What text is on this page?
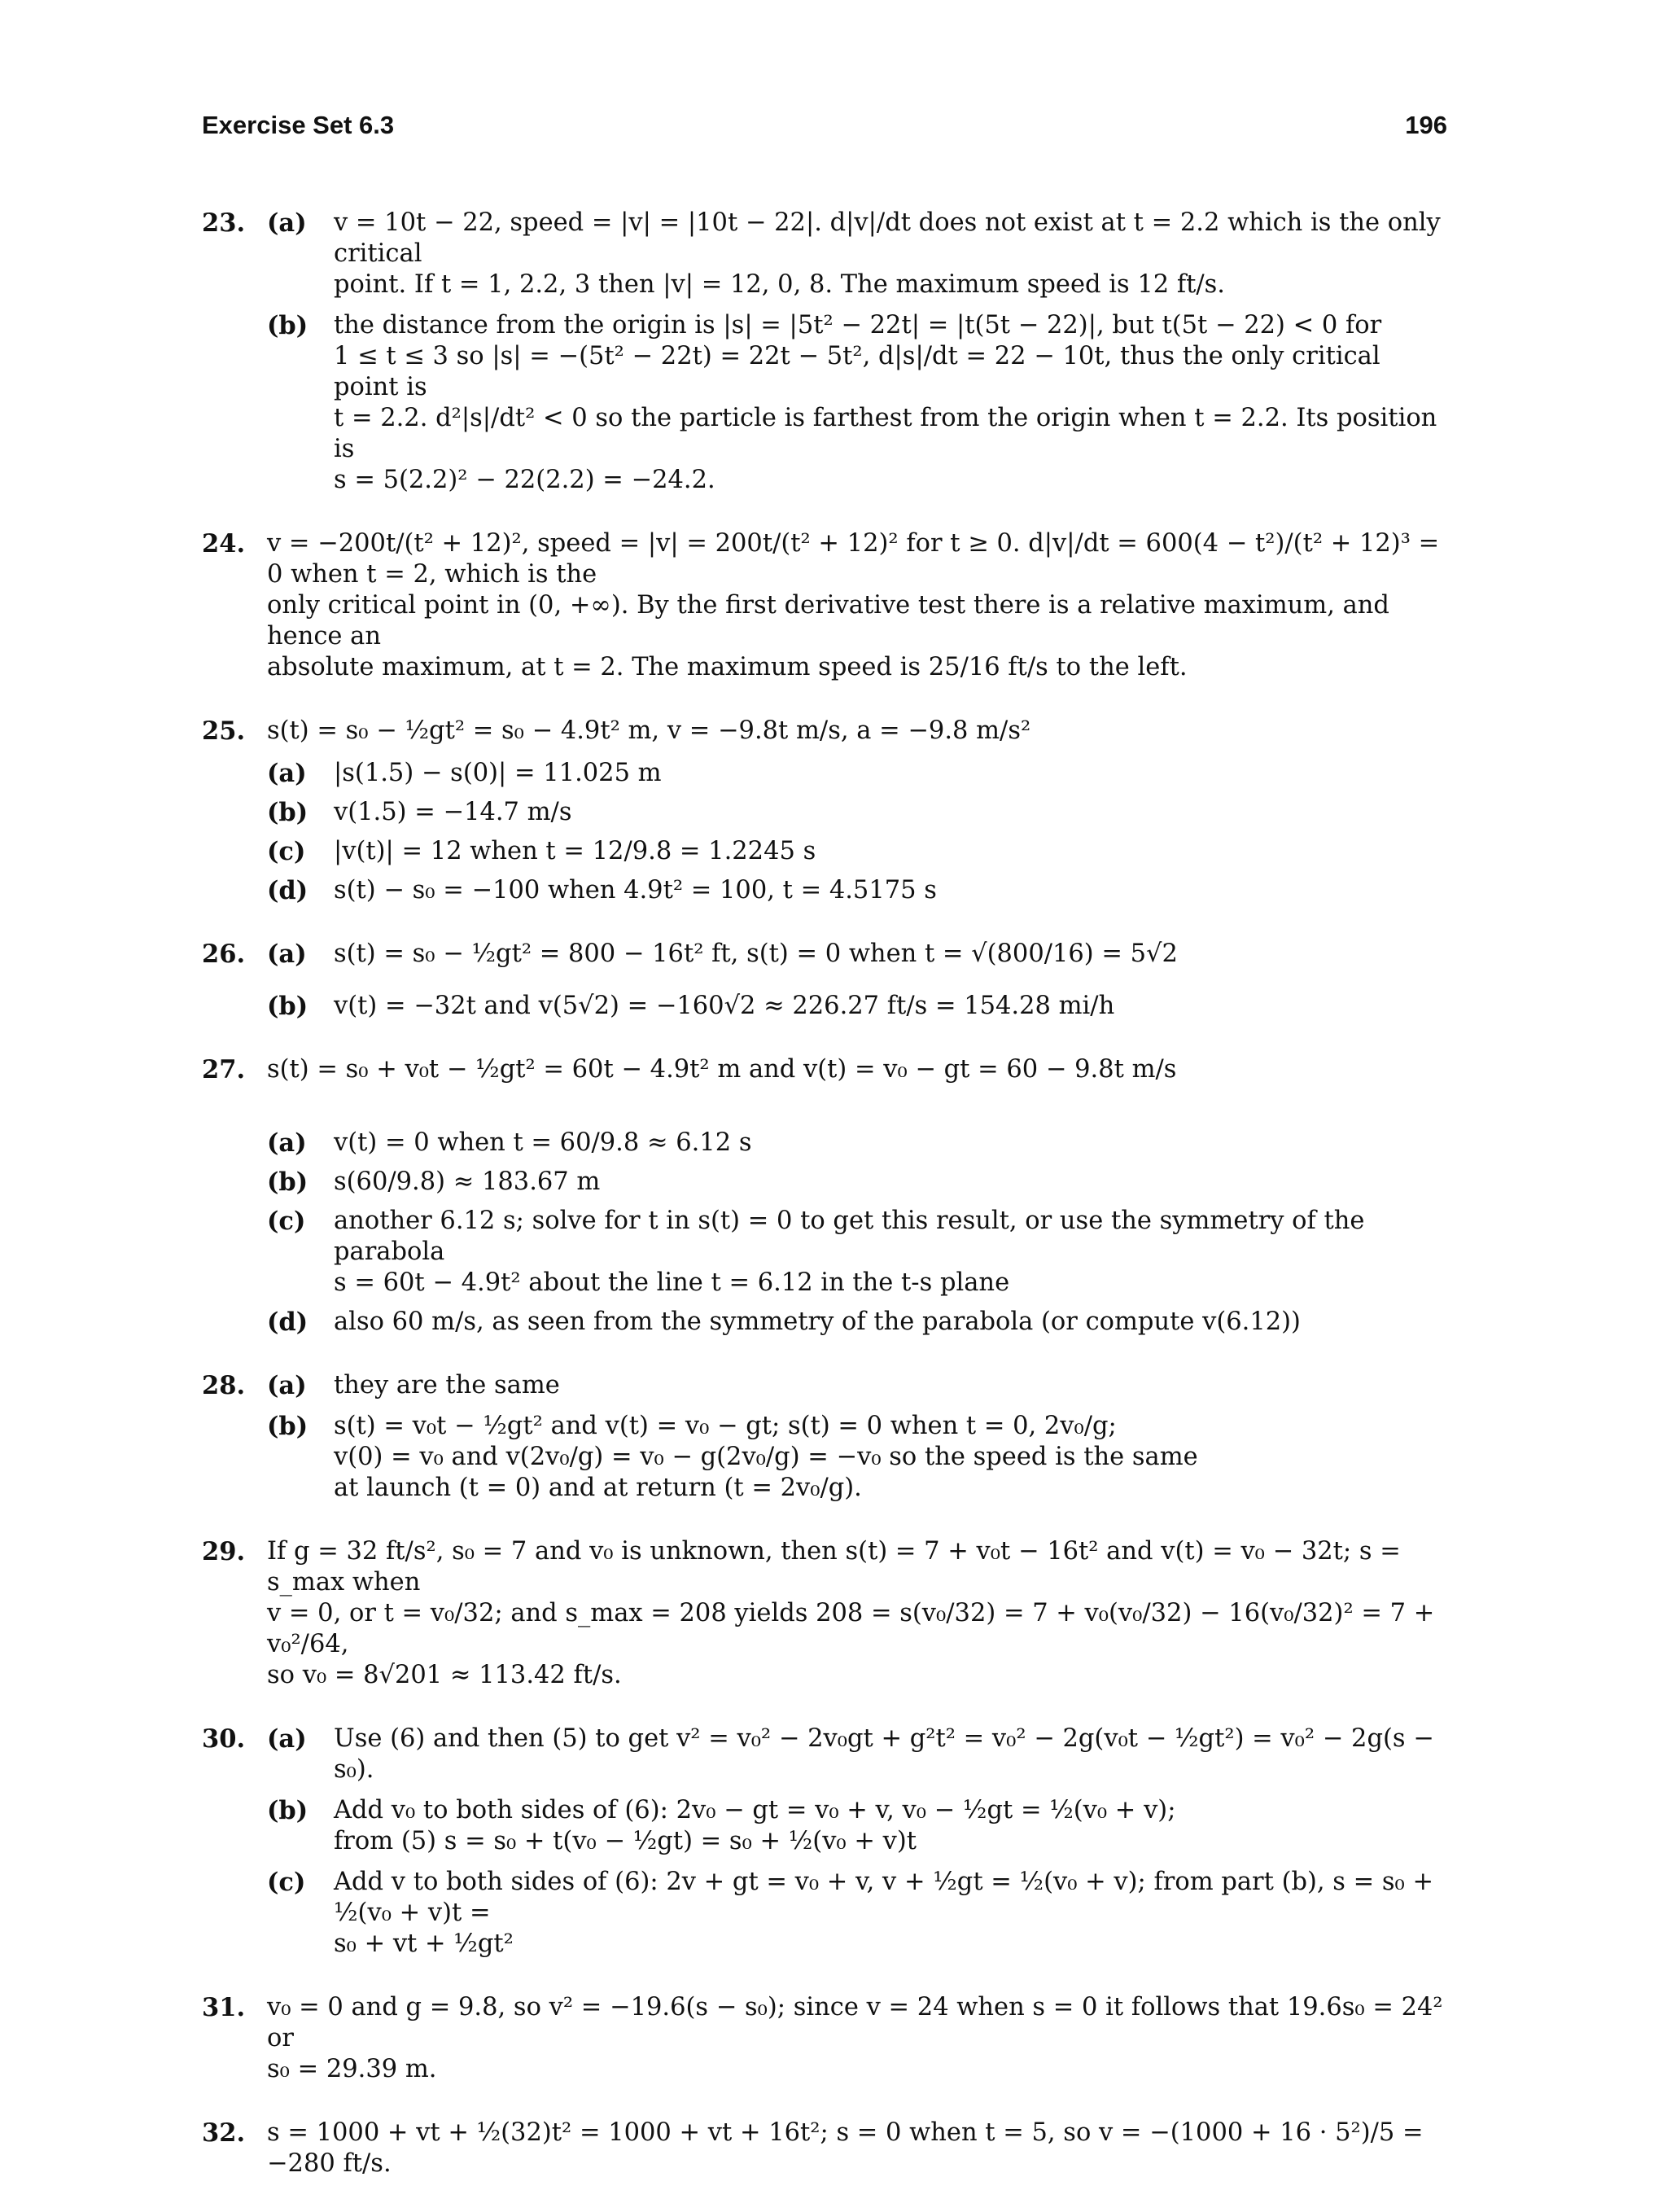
Exercise Set 6.3	196
23. (a) v = 10t − 22, speed = |v| = |10t − 22|. d|v|/dt does not exist at t = 2.2 which is the only critical
point. If t = 1, 2.2, 3 then |v| = 12, 0, 8. The maximum speed is 12 ft/s.
(b) the distance from the origin is |s| = |5t² − 22t| = |t(5t − 22)|, but t(5t − 22) < 0 for
1 ≤ t ≤ 3 so |s| = −(5t² − 22t) = 22t − 5t², d|s|/dt = 22 − 10t, thus the only critical point is
t = 2.2. d²|s|/dt² < 0 so the particle is farthest from the origin when t = 2.2. Its position is
s = 5(2.2)² − 22(2.2) = −24.2.
24. v = −200t/(t² + 12)², speed = |v| = 200t/(t² + 12)² for t ≥ 0. d|v|/dt = 600(4 − t²)/(t² + 12)³ = 0 when t = 2, which is the
only critical point in (0, +∞). By the first derivative test there is a relative maximum, and hence an
absolute maximum, at t = 2. The maximum speed is 25/16 ft/s to the left.
25. s(t) = s₀ − ½gt² = s₀ − 4.9t² m, v = −9.8t m/s, a = −9.8 m/s²
(a) |s(1.5) − s(0)| = 11.025 m
(b) v(1.5) = −14.7 m/s
(c) |v(t)| = 12 when t = 12/9.8 = 1.2245 s
(d) s(t) − s₀ = −100 when 4.9t² = 100, t = 4.5175 s
26. (a) s(t) = s₀ − ½gt² = 800 − 16t² ft, s(t) = 0 when t = √(800/16) = 5√2
(b) v(t) = −32t and v(5√2) = −160√2 ≈ 226.27 ft/s = 154.28 mi/h
27. s(t) = s₀ + v₀t − ½gt² = 60t − 4.9t² m and v(t) = v₀ − gt = 60 − 9.8t m/s
(a) v(t) = 0 when t = 60/9.8 ≈ 6.12 s
(b) s(60/9.8) ≈ 183.67 m
(c) another 6.12 s; solve for t in s(t) = 0 to get this result, or use the symmetry of the parabola
s = 60t − 4.9t² about the line t = 6.12 in the t-s plane
(d) also 60 m/s, as seen from the symmetry of the parabola (or compute v(6.12))
28. (a) they are the same
(b) s(t) = v₀t − ½gt² and v(t) = v₀ − gt; s(t) = 0 when t = 0, 2v₀/g;
v(0) = v₀ and v(2v₀/g) = v₀ − g(2v₀/g) = −v₀ so the speed is the same
at launch (t = 0) and at return (t = 2v₀/g).
29. If g = 32 ft/s², s₀ = 7 and v₀ is unknown, then s(t) = 7 + v₀t − 16t² and v(t) = v₀ − 32t; s = s_max when
v = 0, or t = v₀/32; and s_max = 208 yields 208 = s(v₀/32) = 7 + v₀(v₀/32) − 16(v₀/32)² = 7 + v₀²/64,
so v₀ = 8√201 ≈ 113.42 ft/s.
30. (a) Use (6) and then (5) to get v² = v₀² − 2v₀gt + g²t² = v₀² − 2g(v₀t − ½gt²) = v₀² − 2g(s − s₀).
(b) Add v₀ to both sides of (6): 2v₀ − gt = v₀ + v, v₀ − ½gt = ½(v₀ + v);
from (5) s = s₀ + t(v₀ − ½gt) = s₀ + ½(v₀ + v)t
(c) Add v to both sides of (6): 2v + gt = v₀ + v, v + ½gt = ½(v₀ + v); from part (b), s = s₀ + ½(v₀ + v)t =
s₀ + vt + ½gt²
31. v₀ = 0 and g = 9.8, so v² = −19.6(s − s₀); since v = 24 when s = 0 it follows that 19.6s₀ = 24² or
s₀ = 29.39 m.
32. s = 1000 + vt + ½(32)t² = 1000 + vt + 16t²; s = 0 when t = 5, so v = −(1000 + 16 · 5²)/5 = −280 ft/s.
